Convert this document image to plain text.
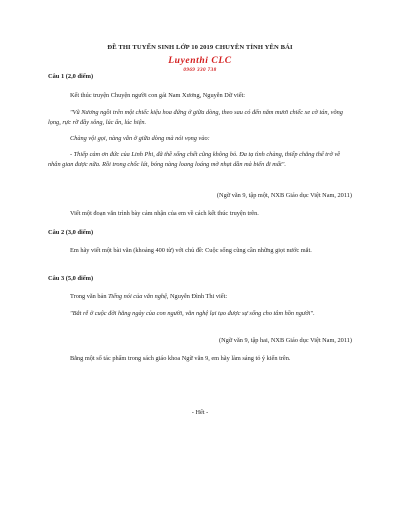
ĐỀ THI TUYỂN SINH LỚP 10 2019 CHUYÊN TỈNH YÊN BÁI
Luyenthi CLC
0969 330 738
Câu 1 (2,0 điểm)
Kết thúc truyện Chuyện người con gái Nam Xương, Nguyễn Dữ viết:
"Vũ Nương ngồi trên một chiếc kiệu hoa đứng ở giữa dòng, theo sau có đến năm mươi chiếc xe cờ tán, võng lọng, rực rỡ đầy sông, lúc ẩn, lúc hiện.
Chàng vội gọi, nàng vẫn ở giữa dòng mà nói vọng vào:
- Thiếp cảm ơn đức của Linh Phi, đã thề sống chết cũng không bỏ. Đa tạ tình chàng, thiếp chẳng thể trở về nhân gian được nữa. Rồi trong chốc lát, bóng nàng loang loáng mờ nhạt dần mà biến đi mất".
(Ngữ văn 9, tập một, NXB Giáo dục Việt Nam, 2011)
Viết một đoạn văn trình bày cảm nhận của em về cách kết thúc truyện trên.
Câu 2 (3,0 điểm)
Em hãy viết một bài văn (khoảng 400 từ) với chủ đề: Cuộc sống cũng cần những giọt nước mắt.
Câu 3 (5,0 điểm)
Trong văn bản Tiếng nói của văn nghệ, Nguyễn Đình Thi viết:
"Bắt rễ ở cuộc đời hằng ngày của con người, văn nghệ lại tạo được sự sống cho tâm hồn người".
(Ngữ văn 9, tập hai, NXB Giáo dục Việt Nam, 2011)
Bằng một số tác phẩm trong sách giáo khoa Ngữ văn 9, em hãy làm sáng tỏ ý kiến trên.
- Hết -
